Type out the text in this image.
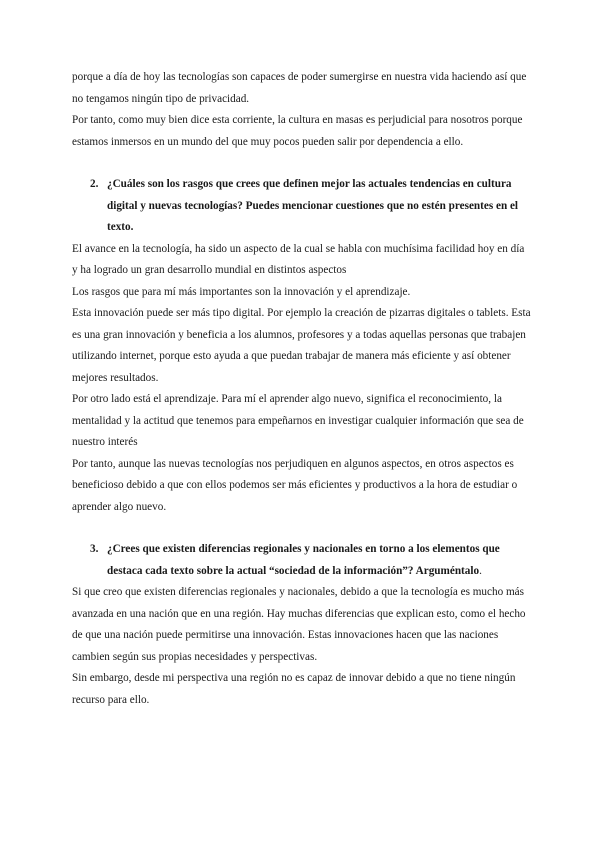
porque a día de hoy las tecnologías son capaces de poder sumergirse en nuestra vida haciendo así que no tengamos ningún tipo de privacidad.

Por tanto, como muy bien dice esta corriente, la cultura en masas es perjudicial para nosotros porque estamos inmersos en un mundo del que muy pocos pueden salir por dependencia a ello.

2. ¿Cuáles son los rasgos que crees que definen mejor las actuales tendencias en cultura digital y nuevas tecnologías? Puedes mencionar cuestiones que no estén presentes en el texto.

El avance en la tecnología, ha sido un aspecto de la cual se habla con muchísima facilidad hoy en día y ha logrado un gran desarrollo mundial en distintos aspectos

Los rasgos que para mí más importantes son la innovación y el aprendizaje.

Esta innovación puede ser más tipo digital. Por ejemplo la creación de pizarras digitales o tablets. Esta es una gran innovación y beneficia a los alumnos, profesores y a todas aquellas personas que trabajen utilizando internet, porque esto ayuda a que puedan trabajar de manera más eficiente y así obtener mejores resultados.

Por otro lado está el aprendizaje. Para mí el aprender algo nuevo, significa el reconocimiento, la mentalidad y la actitud que tenemos para empeñarnos en investigar cualquier información que sea de nuestro interés

Por tanto, aunque las nuevas tecnologías nos perjudiquen en algunos aspectos, en otros aspectos es beneficioso debido a que con ellos podemos ser más eficientes y productivos a la hora de estudiar o aprender algo nuevo.

3. ¿Crees que existen diferencias regionales y nacionales en torno a los elementos que destaca cada texto sobre la actual “sociedad de la información”? Arguméntalo.

Si que creo que existen diferencias regionales y nacionales, debido a que la tecnología es mucho más avanzada en una nación que en una región. Hay muchas diferencias que explican esto, como el hecho de que una nación puede permitirse una innovación. Estas innovaciones hacen que las naciones cambien según sus propias necesidades y perspectivas.

Sin embargo, desde mi perspectiva una región no es capaz de innovar debido a que no tiene ningún recurso para ello.
